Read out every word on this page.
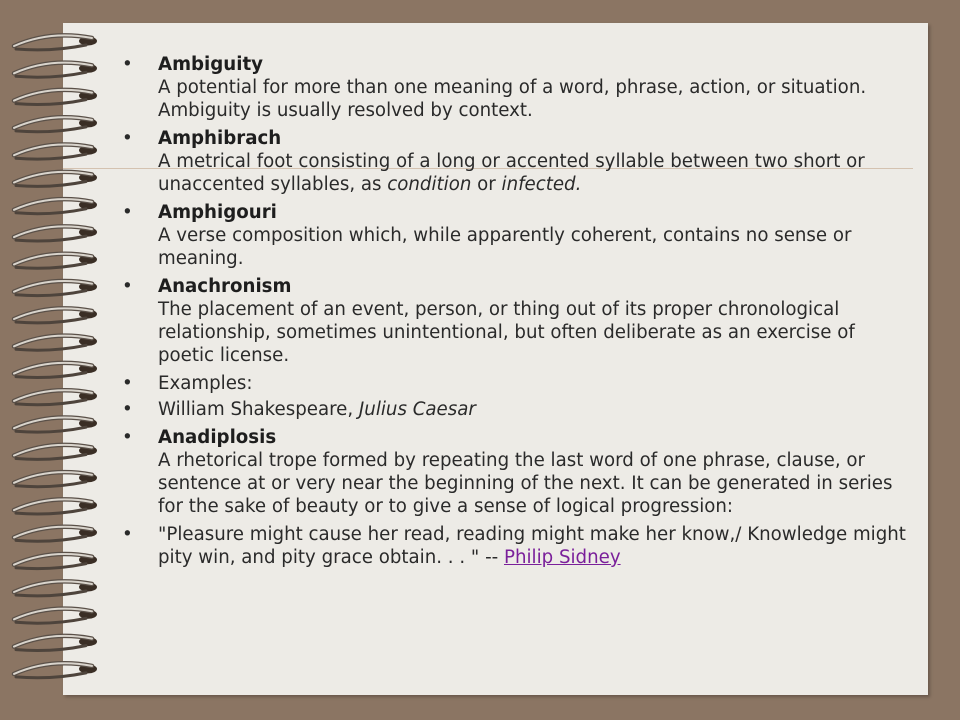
• Ambiguity
A potential for more than one meaning of a word, phrase, action, or situation. Ambiguity is usually resolved by context.
• Amphibrach
A metrical foot consisting of a long or accented syllable between two short or unaccented syllables, as condition or infected.
• Amphigouri
A verse composition which, while apparently coherent, contains no sense or meaning.
• Anachronism
The placement of an event, person, or thing out of its proper chronological relationship, sometimes unintentional, but often deliberate as an exercise of poetic license.
• Examples:
• William Shakespeare, Julius Caesar
• Anadiplosis
A rhetorical trope formed by repeating the last word of one phrase, clause, or sentence at or very near the beginning of the next. It can be generated in series for the sake of beauty or to give a sense of logical progression:
• "Pleasure might cause her read, reading might make her know,/ Knowledge might pity win, and pity grace obtain. . . " -- Philip Sidney
